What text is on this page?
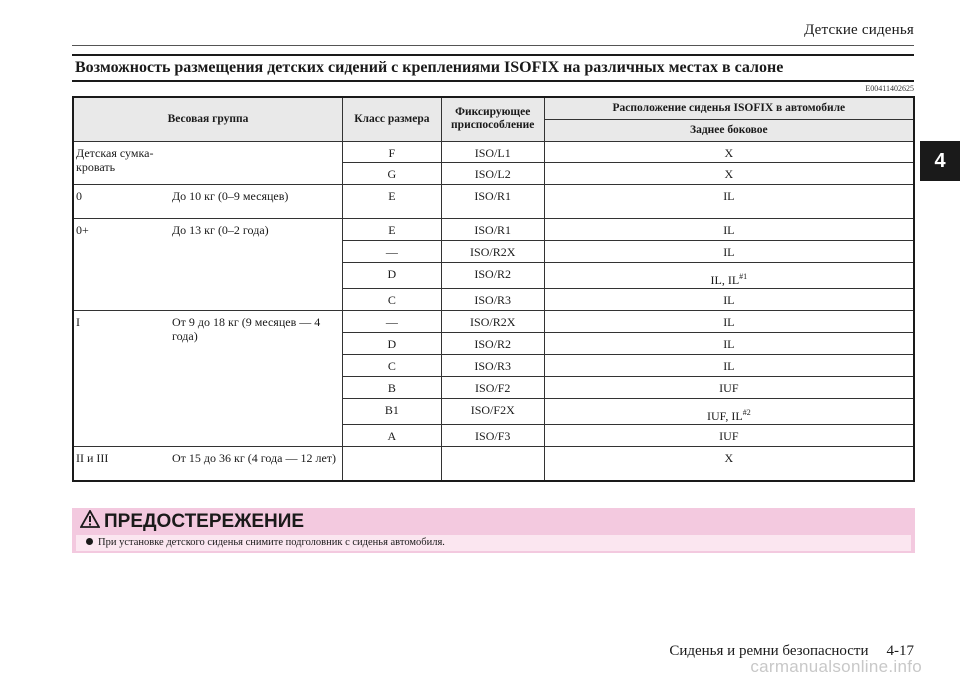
Детские сиденья
4
Возможность размещения детских сидений с креплениями ISOFIX на различных местах в салоне
E00411402625
Весовая группа	Класс размера	Фиксирующее приспособление	Расположение сиденья ISOFIX в автомобиле
			Заднее боковое

Детская сумка-кровать	F	ISO/L1	X
	G	ISO/L2	X

0 До 10 кг (0–9 месяцев)	E	ISO/R1	IL

0+ До 13 кг (0–2 года)	E	ISO/R1	IL
	—	ISO/R2X	IL
	D	ISO/R2	IL, IL$^{\#1}$
	C	ISO/R3	IL

I От 9 до 18 кг (9 месяцев — 4 года)	—	ISO/R2X	IL
	D	ISO/R2	IL
	C	ISO/R3	IL
	B	ISO/F2	IUF
	B1	ISO/F2X	IUF, IL$^{\#2}$
	A	ISO/F3	IUF

II и III От 15 до 36 кг (4 года — 12 лет)			X
ПРЕДОСТЕРЕЖЕНИЕ
При установке детского сиденья снимите подголовник с сиденья автомобиля.
Сиденья и ремни безопасности 4-17
carmanualsonline.info
